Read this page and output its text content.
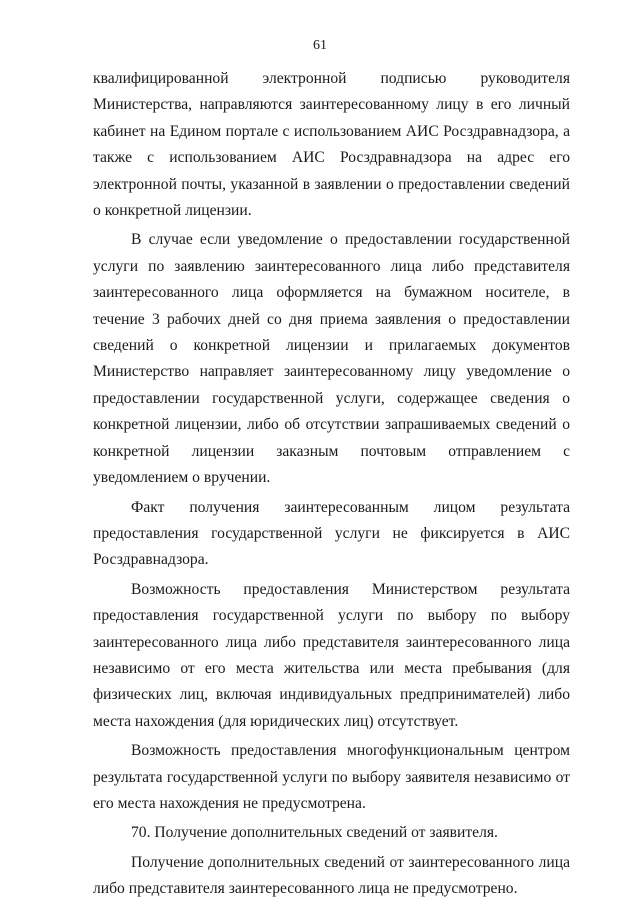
61

квалифицированной электронной подписью руководителя Министерства, направляются заинтересованному лицу в его личный кабинет на Едином портале с использованием АИС Росздравнадзора, а также с использованием АИС Росздравнадзора на адрес его электронной почты, указанной в заявлении о предоставлении сведений о конкретной лицензии.

В случае если уведомление о предоставлении государственной услуги по заявлению заинтересованного лица либо представителя заинтересованного лица оформляется на бумажном носителе, в течение 3 рабочих дней со дня приема заявления о предоставлении сведений о конкретной лицензии и прилагаемых документов Министерство направляет заинтересованному лицу уведомление о предоставлении государственной услуги, содержащее сведения о конкретной лицензии, либо об отсутствии запрашиваемых сведений о конкретной лицензии заказным почтовым отправлением с уведомлением о вручении.

Факт получения заинтересованным лицом результата предоставления государственной услуги не фиксируется в АИС Росздравнадзора.

Возможность предоставления Министерством результата предоставления государственной услуги по выбору по выбору заинтересованного лица либо представителя заинтересованного лица независимо от его места жительства или места пребывания (для физических лиц, включая индивидуальных предпринимателей) либо места нахождения (для юридических лиц) отсутствует.

Возможность предоставления многофункциональным центром результата государственной услуги по выбору заявителя независимо от его места нахождения не предусмотрена.

70. Получение дополнительных сведений от заявителя.

Получение дополнительных сведений от заинтересованного лица либо представителя заинтересованного лица не предусмотрено.
